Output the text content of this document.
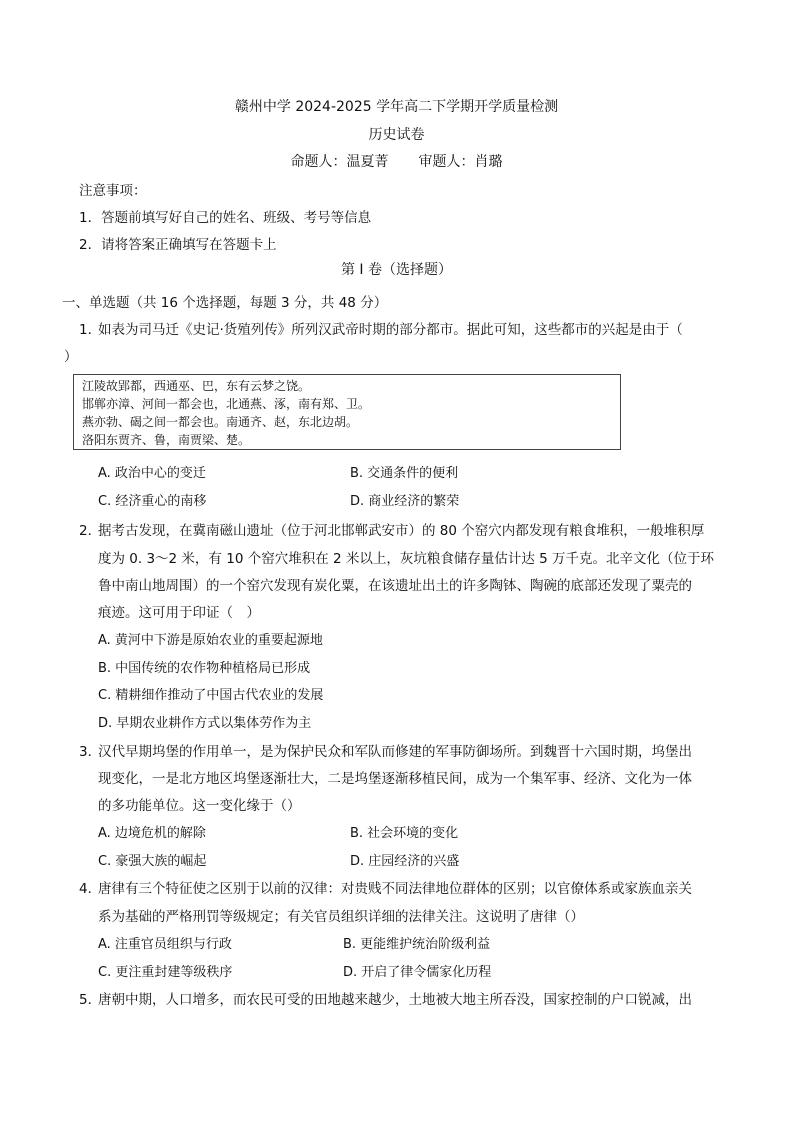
赣州中学 2024-2025 学年高二下学期开学质量检测
历史试卷
命题人：温夏菁 审题人：肖璐
注意事项：
1．答题前填写好自己的姓名、班级、考号等信息
2．请将答案正确填写在答题卡上
第 I 卷（选择题）
一、单选题（共 16 个选择题，每题 3 分，共 48 分）
1．
如表为司马迁《史记·货殖列传》所列汉武帝时期的部分都市。据此可知，这些都市的兴起是由于（
）
江陵故郢都，西通巫、巴，东有云梦之饶。
邯郸亦漳、河间一都会也，北通燕、涿，南有郑、卫。
燕亦勃、碣之间一都会也。南通齐、赵，东北边胡。
洛阳东贾齐、鲁，南贾梁、楚。
A. 政治中心的变迁	B. 交通条件的便利
C. 经济重心的南移	D. 商业经济的繁荣
2．
据考古发现，在冀南磁山遗址（位于河北邯郸武安市）的 80 个窑穴内都发现有粮食堆积，一般堆积厚
度为 0. 3～2 米，有 10 个窑穴堆积在 2 米以上，灰坑粮食储存量估计达 5 万千克。北辛文化（位于环
鲁中南山地周围）的一个窑穴发现有炭化粟，在该遗址出土的许多陶钵、陶碗的底部还发现了粟壳的
痕迹。这可用于印证（　）
A. 黄河中下游是原始农业的重要起源地
B. 中国传统的农作物种植格局已形成
C. 精耕细作推动了中国古代农业的发展
D. 早期农业耕作方式以集体劳作为主
3．
汉代早期坞堡的作用单一，是为保护民众和军队而修建的军事防御场所。到魏晋十六国时期，坞堡出
现变化，一是北方地区坞堡逐渐壮大，二是坞堡逐渐移植民间，成为一个集军事、经济、文化为一体
的多功能单位。这一变化缘于（）
A. 边境危机的解除	B. 社会环境的变化
C. 豪强大族的崛起	D. 庄园经济的兴盛
4．
唐律有三个特征使之区别于以前的汉律：对贵贱不同法律地位群体的区别；以官僚体系或家族血亲关
系为基础的严格刑罚等级规定；有关官员组织详细的法律关注。这说明了唐律（）
A. 注重官员组织与行政	B. 更能维护统治阶级利益
C. 更注重封建等级秩序	D. 开启了律令儒家化历程
5．
唐朝中期，人口增多，而农民可受的田地越来越少，土地被大地主所吞没，国家控制的户口锐减，出
